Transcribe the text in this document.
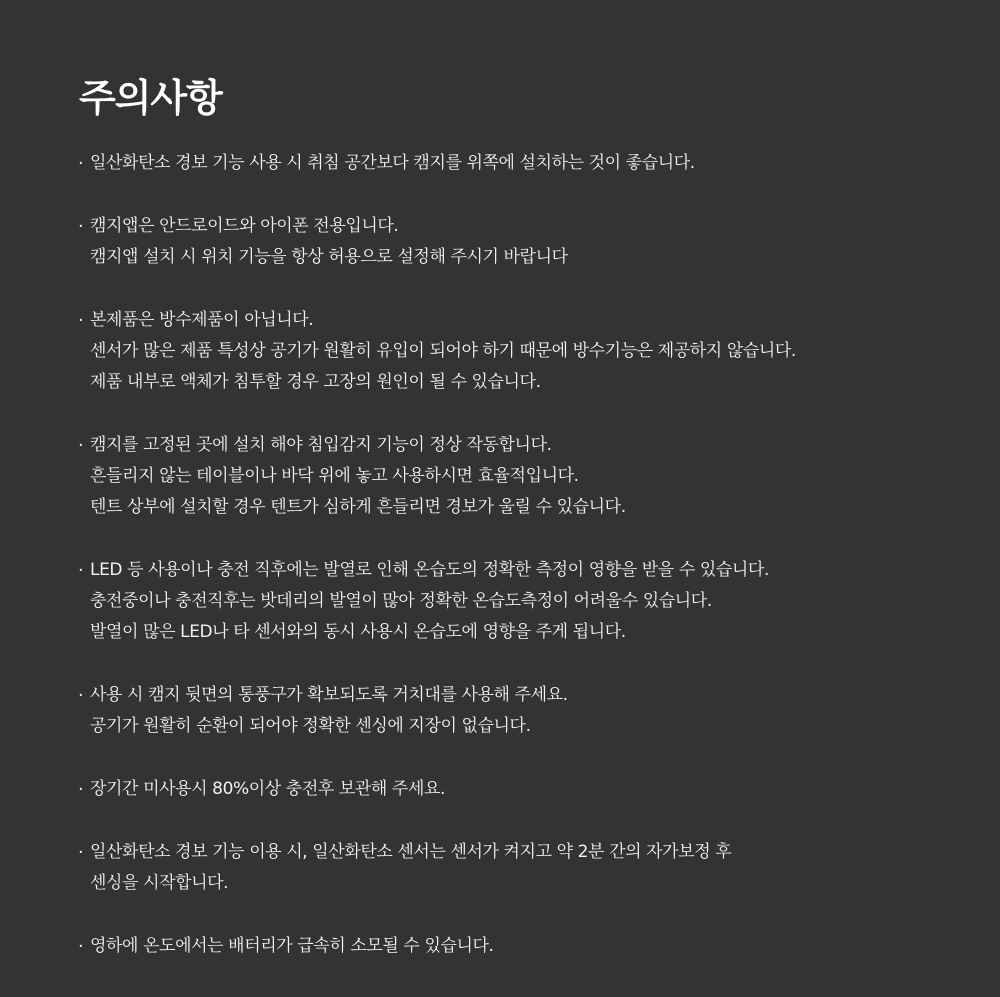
주의사항
· 일산화탄소 경보 기능 사용 시 취침 공간보다 캠지를 위쪽에 설치하는 것이 좋습니다.
· 캠지앱은 안드로이드와 아이폰 전용입니다.
캠지앱 설치 시 위치 기능을 항상 허용으로 설정해 주시기 바랍니다
· 본제품은 방수제품이 아닙니다.
센서가 많은 제품 특성상 공기가 원활히 유입이 되어야 하기 때문에 방수기능은 제공하지 않습니다.
제품 내부로 액체가 침투할 경우 고장의 원인이 될 수 있습니다.
· 캠지를 고정된 곳에 설치 해야 침입감지 기능이 정상 작동합니다.
흔들리지 않는 테이블이나 바닥 위에 놓고 사용하시면 효율적입니다.
텐트 상부에 설치할 경우 텐트가 심하게 흔들리면 경보가 울릴 수 있습니다.
· LED 등 사용이나 충전 직후에는 발열로 인해 온습도의 정확한 측정이 영향을 받을 수 있습니다.
충전중이나 충전직후는 밧데리의 발열이 많아 정확한 온습도측정이 어려울수 있습니다.
발열이 많은 LED나 타 센서와의 동시 사용시 온습도에 영향을 주게 됩니다.
· 사용 시 캠지 뒷면의 통풍구가 확보되도록 거치대를 사용해 주세요.
공기가 원활히 순환이 되어야 정확한 센싱에 지장이 없습니다.
· 장기간 미사용시 80%이상 충전후 보관해 주세요.
· 일산화탄소 경보 기능 이용 시, 일산화탄소 센서는 센서가 켜지고 약 2분 간의 자가보정 후
센싱을 시작합니다.
· 영하에 온도에서는 배터리가 급속히 소모될 수 있습니다.
